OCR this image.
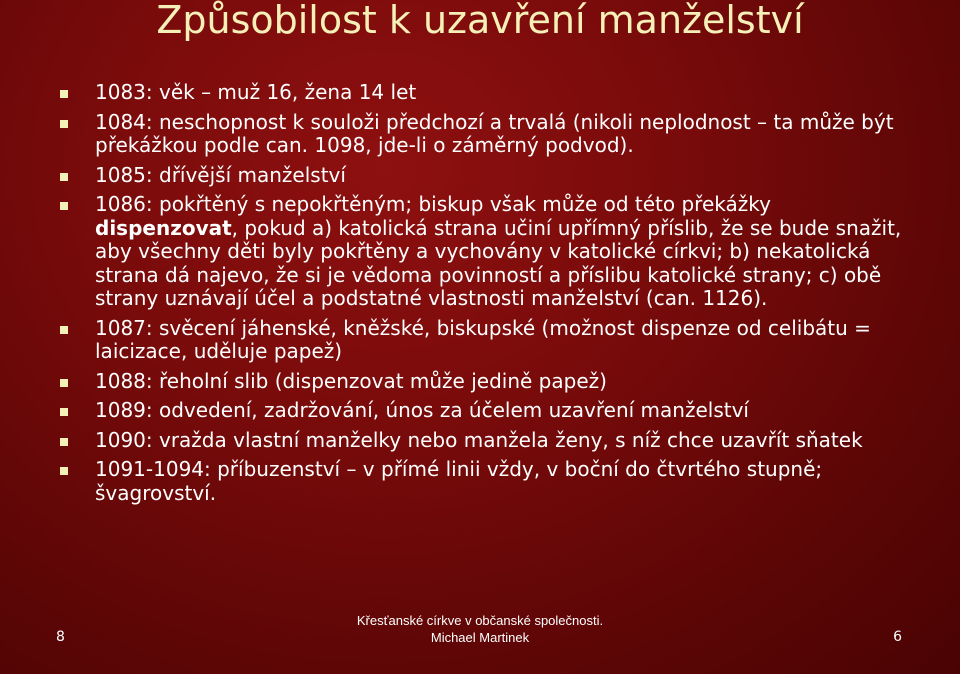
Způsobilost k uzavření manželství
1083: věk – muž 16, žena 14 let
1084: neschopnost k souloži předchozí a trvalá (nikoli neplodnost – ta může být překážkou podle can. 1098, jde-li o záměrný podvod).
1085: dřívější manželství
1086: pokřtěný s nepokřtěným; biskup však může od této překážky dispenzovat, pokud a) katolická strana učiní upřímný příslib, že se bude snažit, aby všechny děti byly pokřtěny a vychovány v katolické církvi; b) nekatolická strana dá najevo, že si je vědoma povinností a příslibu katolické strany; c) obě strany uznávají účel a podstatné vlastnosti manželství (can. 1126).
1087: svěcení jáhenské, kněžské, biskupské (možnost dispenze od celibátu = laicizace, uděluje papež)
1088: řeholní slib (dispenzovat může jedině papež)
1089: odvedení, zadržování, únos za účelem uzavření manželství
1090: vražda vlastní manželky nebo manžela ženy, s níž chce uzavřít sňatek
1091-1094: příbuzenství – v přímé linii vždy, v boční do čtvrtého stupně; švagrovství.
8
Křesťanské církve v občanské společnosti.
Michael Martinek	6
